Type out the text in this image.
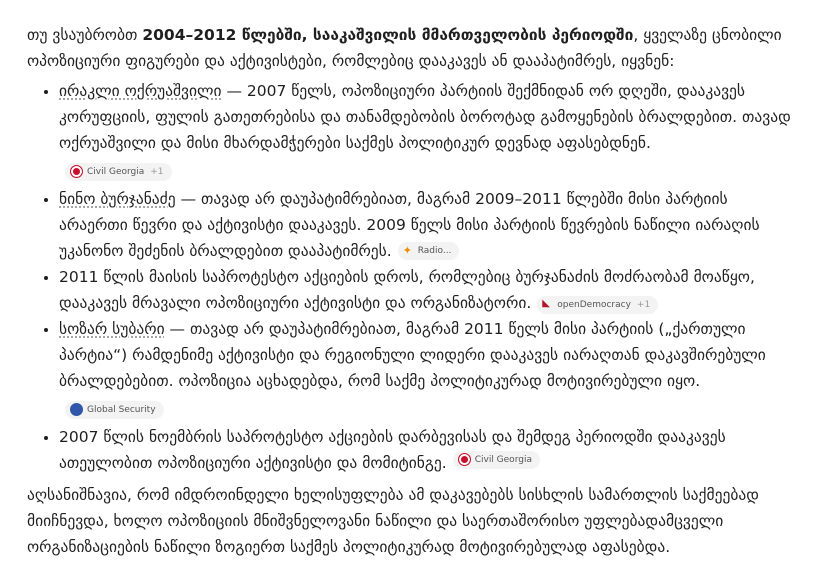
თუ ვსაუბრობთ 2004–2012 წლებში, სააკაშვილის მმართველობის პერიოდში, ყველაზე ცნობილი ოპოზიციური ფიგურები და აქტივისტები, რომლებიც დააკავეს ან დააპატიმრეს, იყვნენ:

• ირაკლი ოქრუაშვილი — 2007 წელს, ოპოზიციური პარტიის შექმნიდან ორ დღეში, დააკავეს კორუფციის, ფულის გათეთრებისა და თანამდებობის ბოროტად გამოყენების ბრალდებით. თავად ოქრუაშვილი და მისი მხარდამჭერები საქმეს პოლიტიკურ დევნად აფასებდნენ.
Civil Georgia +1
• ნინო ბურჯანაძე — თავად არ დაუპატიმრებიათ, მაგრამ 2009–2011 წლებში მისი პარტიის არაერთი წევრი და აქტივისტი დააკავეს. 2009 წელს მისი პარტიის წევრების ნაწილი იარაღის უკანონო შეძენის ბრალდებით დააპატიმრეს. ✦ Radio...
• 2011 წლის მაისის საპროტესტო აქციების დროს, რომლებიც ბურჯანაძის მოძრაობამ მოაწყო, დააკავეს მრავალი ოპოზიციური აქტივისტი და ორგანიზატორი. ◣ openDemocracy +1
• სოზარ სუბარი — თავად არ დაუპატიმრებიათ, მაგრამ 2011 წელს მისი პარტიის („ქართული პარტია“) რამდენიმე აქტივისტი და რეგიონული ლიდერი დააკავეს იარაღთან დაკავშირებული ბრალდებებით. ოპოზიცია აცხადებდა, რომ საქმე პოლიტიკურად მოტივირებული იყო.
Global Security
• 2007 წლის ნოემბრის საპროტესტო აქციების დარბევისას და შემდეგ პერიოდში დააკავეს ათეულობით ოპოზიციური აქტივისტი და მომიტინგე.	Civil Georgia

აღსანიშნავია, რომ იმდროინდელი ხელისუფლება ამ დაკავებებს სისხლის სამართლის საქმეებად მიიჩნევდა, ხოლო ოპოზიციის მნიშვნელოვანი ნაწილი და საერთაშორისო უფლებადამცველი ორგანიზაციების ნაწილი ზოგიერთ საქმეს პოლიტიკურად მოტივირებულად აფასებდა.
